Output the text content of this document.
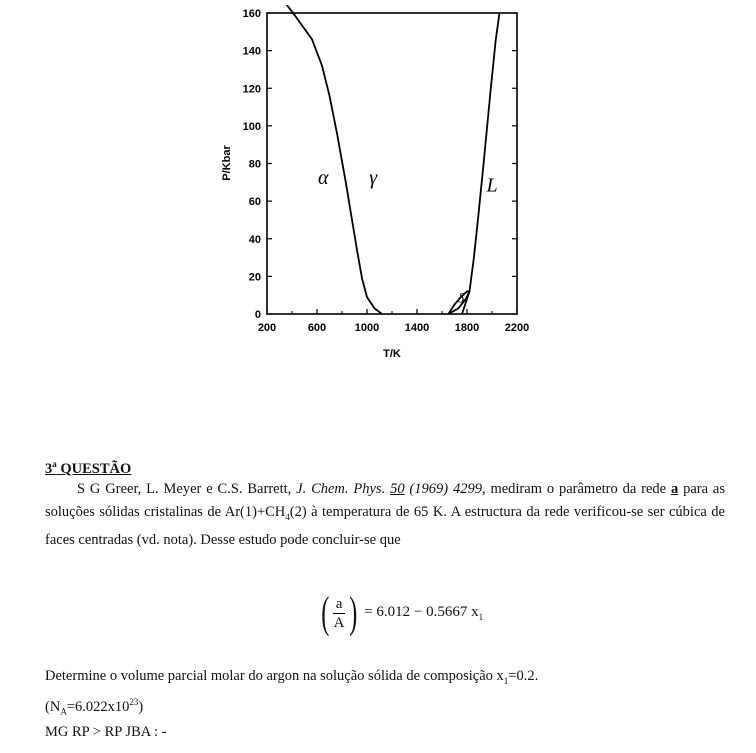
0
20
40
60
80
100
120
140
160
200	600	1000 1400 1800 2200
α γ	L
δ
P/Kbar
T/K
3$^a$ QUESTÃO
S G Greer, L. Meyer e C.S. Barrett, J. Chem. Phys. 50 (1969) 4299, mediram o parâmetro da rede a para as soluções sólidas cristalinas de $Ar(1)+CH_4(2)$ à temperatura de 65 K. A estructura da rede verificou-se ser cúbica de faces centradas (vd. nota). Desse estudo pode concluir-se que
( $\frac{a}{A}$ ) = 6.012 − 0.5667 $x_1$
Determine o volume parcial molar do argon na solução sólida de composição $x_1=0.2$.
$(N_A=6.022x10^{23})$
MG RP > RP JBA : -
